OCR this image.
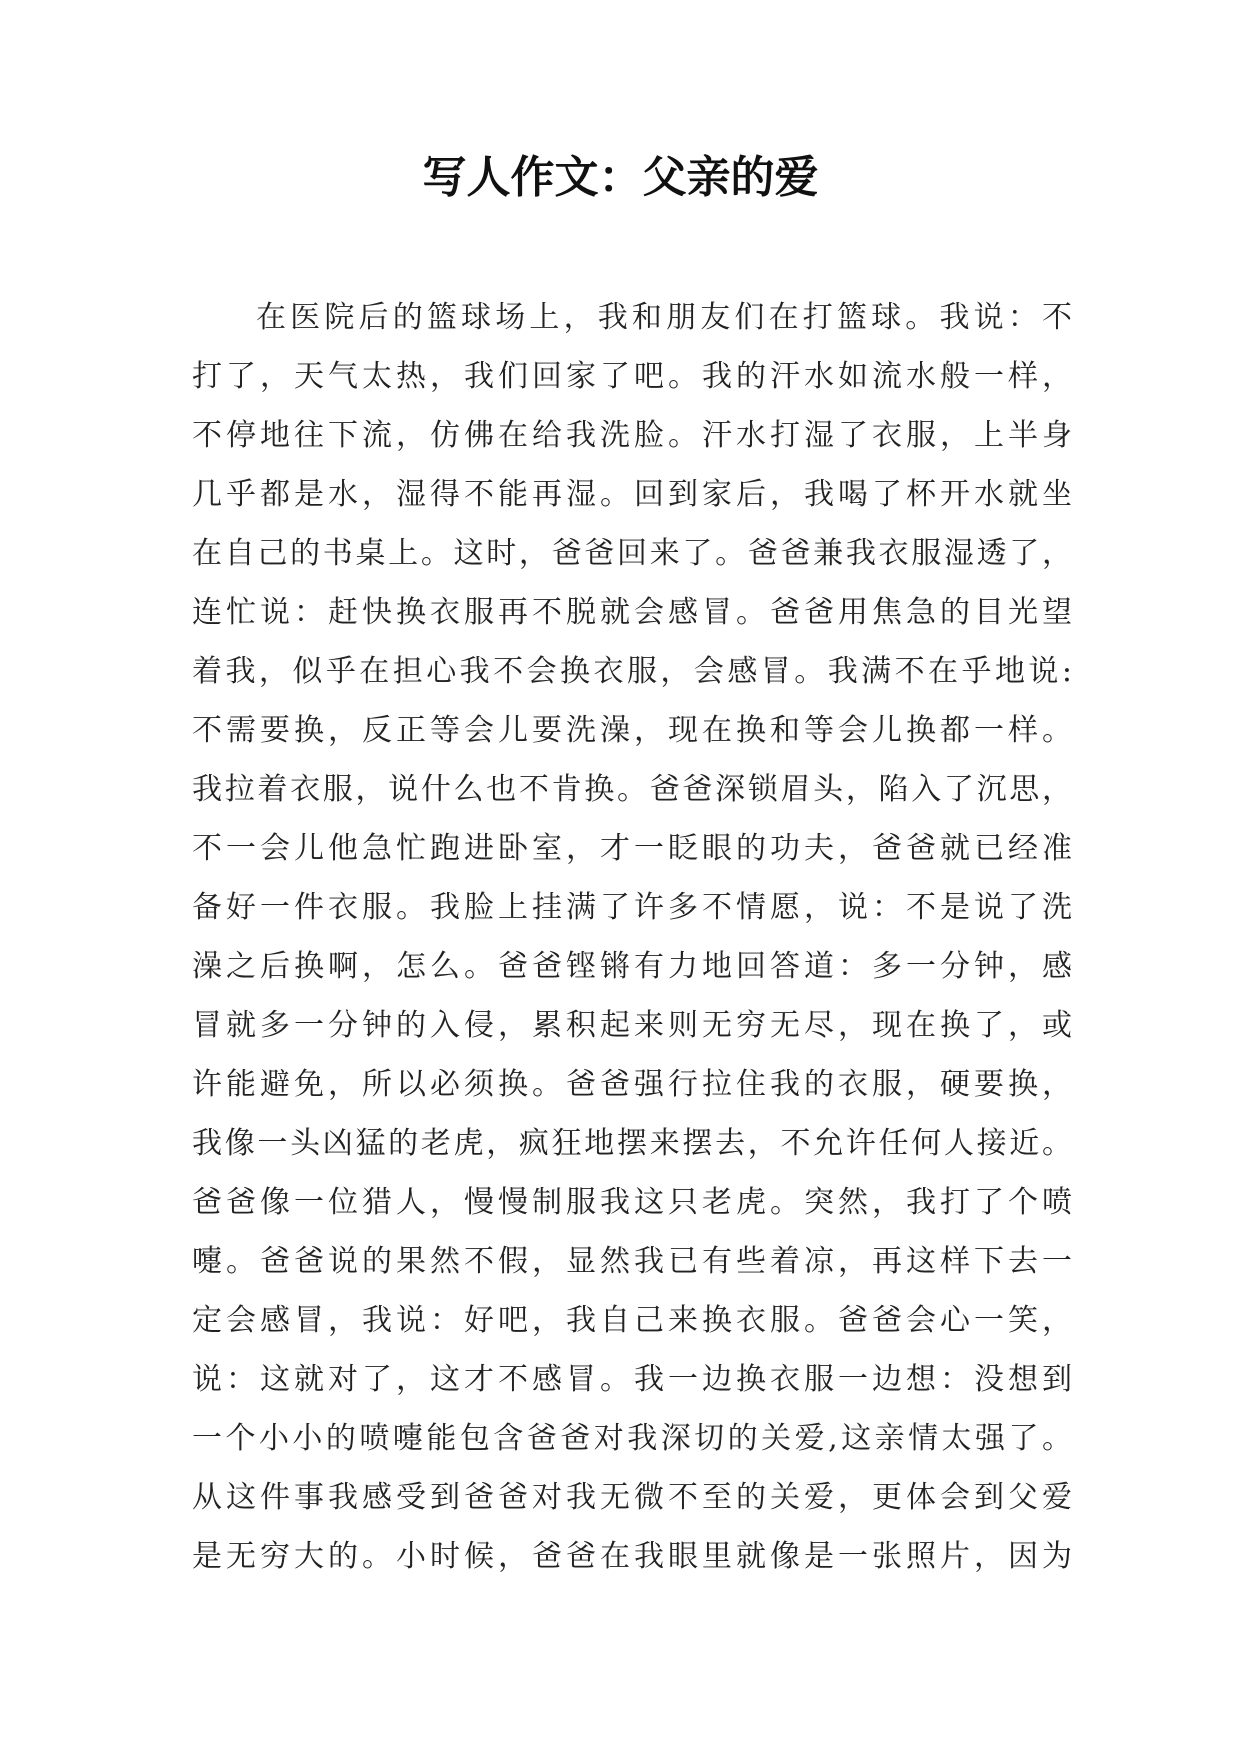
写人作文：父亲的爱
在医院后的篮球场上，我和朋友们在打篮球。我说：不
打了，天气太热，我们回家了吧。我的汗水如流水般一样，
不停地往下流，仿佛在给我洗脸。汗水打湿了衣服，上半身
几乎都是水，湿得不能再湿。回到家后，我喝了杯开水就坐
在自己的书桌上。这时，爸爸回来了。爸爸兼我衣服湿透了，
连忙说：赶快换衣服再不脱就会感冒。爸爸用焦急的目光望
着我，似乎在担心我不会换衣服，会感冒。我满不在乎地说:
不需要换，反正等会儿要洗澡，现在换和等会儿换都一样。
我拉着衣服，说什么也不肯换。爸爸深锁眉头，陷入了沉思，
不一会儿他急忙跑进卧室，才一眨眼的功夫，爸爸就已经准
备好一件衣服。我脸上挂满了许多不情愿，说：不是说了洗
澡之后换啊，怎么。爸爸铿锵有力地回答道：多一分钟，感
冒就多一分钟的入侵，累积起来则无穷无尽，现在换了，或
许能避免，所以必须换。爸爸强行拉住我的衣服，硬要换，
我像一头凶猛的老虎，疯狂地摆来摆去，不允许任何人接近。
爸爸像一位猎人，慢慢制服我这只老虎。突然，我打了个喷
嚏。爸爸说的果然不假，显然我已有些着凉，再这样下去一
定会感冒，我说：好吧，我自己来换衣服。爸爸会心一笑，
说：这就对了，这才不感冒。我一边换衣服一边想：没想到
一个小小的喷嚏能包含爸爸对我深切的关爱,这亲情太强了。
从这件事我感受到爸爸对我无微不至的关爱，更体会到父爱
是无穷大的。小时候，爸爸在我眼里就像是一张照片，因为
